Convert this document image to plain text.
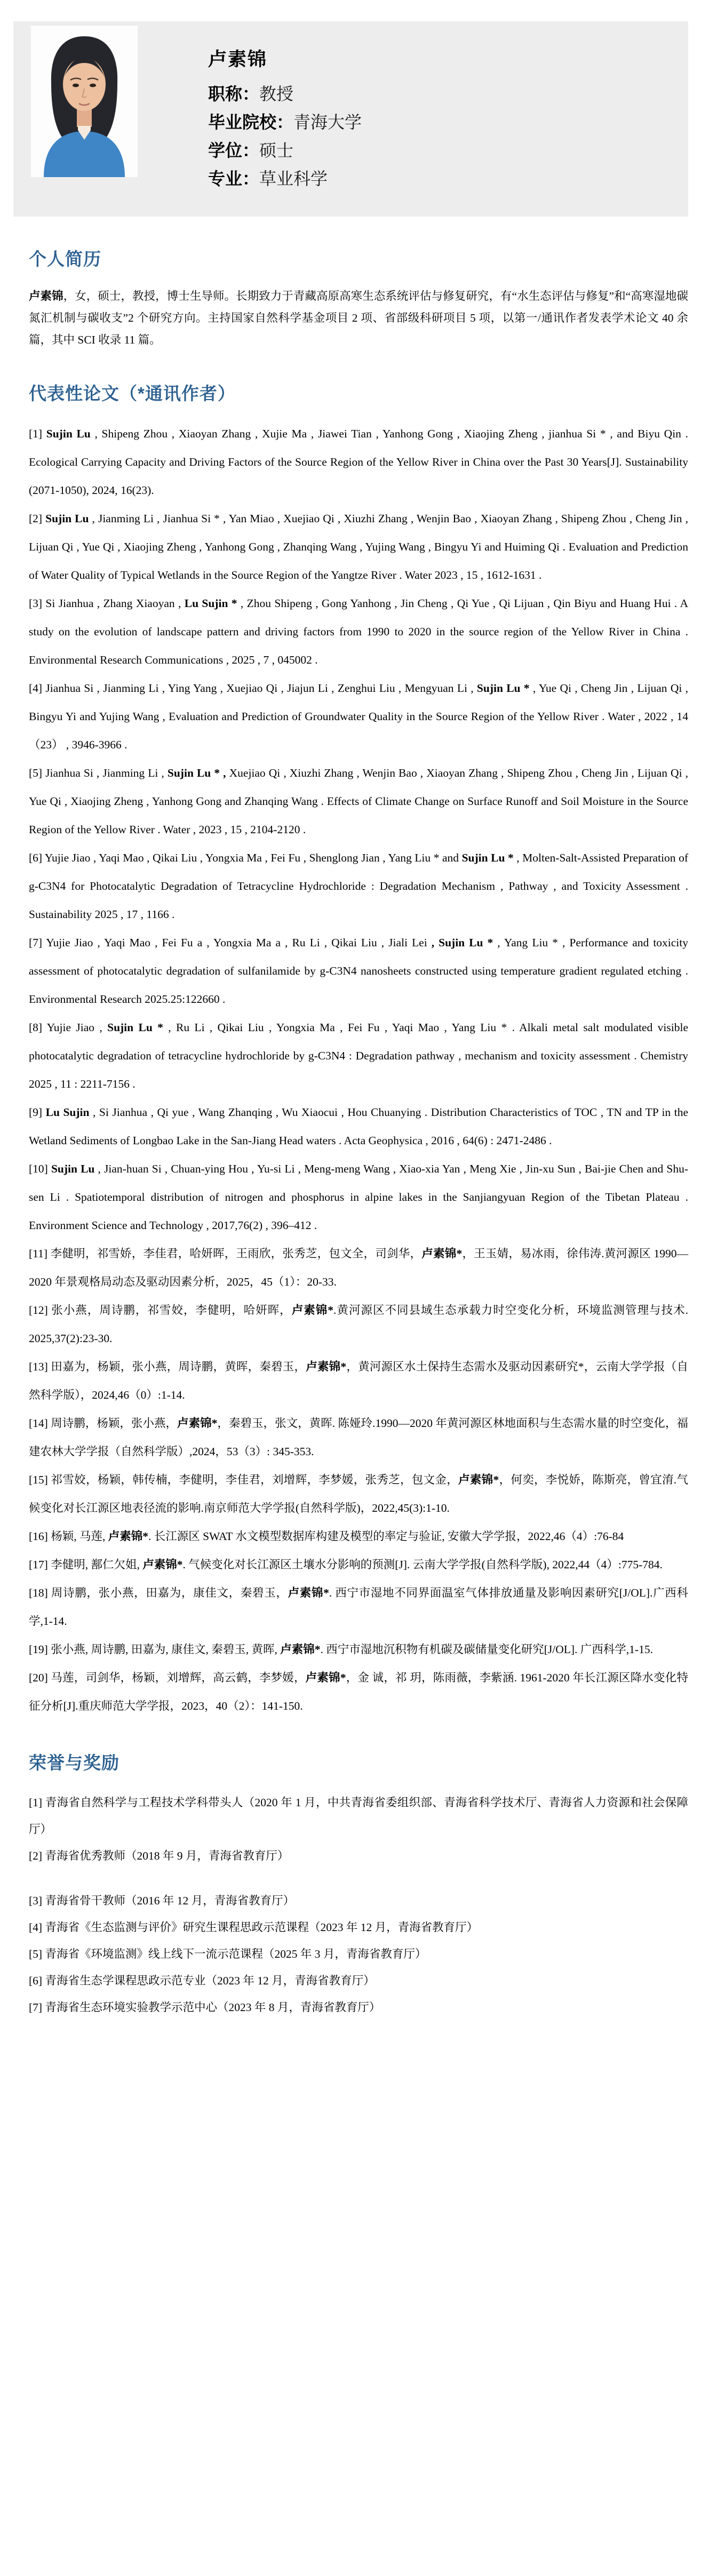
卢素锦
职称：教授
毕业院校：青海大学
学位：硕士
专业：草业科学
个人简历

卢素锦，女，硕士，教授，博士生导师。长期致力于青藏高原高寒生态系统评估与修复研究，有“水生态评估与修复”和“高寒湿地碳氮汇机制与碳收支”2 个研究方向。主持国家自然科学基金项目 2 项、省部级科研项目 5 项，以第一/通讯作者发表学术论文 40 余篇，其中 SCI 收录 11 篇。

代表性论文（*通讯作者）

[1] Sujin Lu , Shipeng Zhou , Xiaoyan Zhang , Xujie Ma , Jiawei Tian , Yanhong Gong , Xiaojing Zheng , jianhua Si * , and Biyu Qin . Ecological Carrying Capacity and Driving Factors of the Source Region of the Yellow River in China over the Past 30 Years[J]. Sustainability (2071-1050), 2024, 16(23).

[2] Sujin Lu , Jianming Li , Jianhua Si * , Yan Miao , Xuejiao Qi , Xiuzhi Zhang , Wenjin Bao , Xiaoyan Zhang , Shipeng Zhou , Cheng Jin , Lijuan Qi , Yue Qi , Xiaojing Zheng , Yanhong Gong , Zhanqing Wang , Yujing Wang , Bingyu Yi and Huiming Qi . Evaluation and Prediction of Water Quality of Typical Wetlands in the Source Region of the Yangtze River . Water 2023 , 15 , 1612-1631 .

[3] Si Jianhua , Zhang Xiaoyan , Lu Sujin * , Zhou Shipeng , Gong Yanhong , Jin Cheng , Qi Yue , Qi Lijuan , Qin Biyu and Huang Hui . A study on the evolution of landscape pattern and driving factors from 1990 to 2020 in the source region of the Yellow River in China . Environmental Research Communications , 2025 , 7 , 045002 .

[4] Jianhua Si , Jianming Li , Ying Yang , Xuejiao Qi , Jiajun Li , Zenghui Liu , Mengyuan Li , Sujin Lu * , Yue Qi , Cheng Jin , Lijuan Qi , Bingyu Yi and Yujing Wang , Evaluation and Prediction of Groundwater Quality in the Source Region of the Yellow River . Water , 2022 , 14 （23） , 3946-3966 .

[5] Jianhua Si , Jianming Li , Sujin Lu * , Xuejiao Qi , Xiuzhi Zhang , Wenjin Bao , Xiaoyan Zhang , Shipeng Zhou , Cheng Jin , Lijuan Qi , Yue Qi , Xiaojing Zheng , Yanhong Gong and Zhanqing Wang . Effects of Climate Change on Surface Runoff and Soil Moisture in the Source Region of the Yellow River . Water , 2023 , 15 , 2104-2120 .

[6] Yujie Jiao , Yaqi Mao , Qikai Liu , Yongxia Ma , Fei Fu , Shenglong Jian , Yang Liu * and Sujin Lu * , Molten-Salt-Assisted Preparation of g-C3N4 for Photocatalytic Degradation of Tetracycline Hydrochloride : Degradation Mechanism , Pathway , and Toxicity Assessment . Sustainability 2025 , 17 , 1166 .

[7] Yujie Jiao , Yaqi Mao , Fei Fu a , Yongxia Ma a , Ru Li , Qikai Liu , Jiali Lei , Sujin Lu * , Yang Liu * , Performance and toxicity assessment of photocatalytic degradation of sulfanilamide by g-C3N4 nanosheets constructed using temperature gradient regulated etching . Environmental Research 2025.25:122660 .

[8] Yujie Jiao , Sujin Lu * , Ru Li , Qikai Liu , Yongxia Ma , Fei Fu , Yaqi Mao , Yang Liu * . Alkali metal salt modulated visible photocatalytic degradation of tetracycline hydrochloride by g-C3N4 : Degradation pathway , mechanism and toxicity assessment . Chemistry 2025 , 11 : 2211-7156 .

[9] Lu Sujin , Si Jianhua , Qi yue , Wang Zhanqing , Wu Xiaocui , Hou Chuanying . Distribution Characteristics of TOC , TN and TP in the Wetland Sediments of Longbao Lake in the San-Jiang Head waters . Acta Geophysica , 2016 , 64(6) : 2471-2486 .

[10] Sujin Lu , Jian-huan Si , Chuan-ying Hou , Yu-si Li , Meng-meng Wang , Xiao-xia Yan , Meng Xie , Jin-xu Sun , Bai-jie Chen and Shu-sen Li . Spatiotemporal distribution of nitrogen and phosphorus in alpine lakes in the Sanjiangyuan Region of the Tibetan Plateau . Environment Science and Technology , 2017,76(2) , 396–412 .

[11] 李健明，祁雪娇，李佳君，哈妍晖，王雨欣，张秀芝，包文全，司剑华，卢素锦*，王玉婧，易冰雨，徐伟涛.黄河源区 1990—2020 年景观格局动态及驱动因素分析，2025，45（1）：20-33.

[12] 张小燕，周诗鹏，祁雪姣，李健明，哈妍晖，卢素锦*.黄河源区不同县域生态承载力时空变化分析，环境监测管理与技术. 2025,37(2):23-30.

[13] 田嘉为，杨颖，张小燕，周诗鹏，黄晖，秦碧玉，卢素锦*，黄河源区水土保持生态需水及驱动因素研究*，云南大学学报（自然科学版），2024,46（0）:1-14.

[14] 周诗鹏，杨颖，张小燕，卢素锦*，秦碧玉，张文，黄晖. 陈娅玲.1990—2020 年黄河源区林地面积与生态需水量的时空变化，福建农林大学学报（自然科学版）,2024，53（3）: 345-353.

[15] 祁雪姣，杨颖，韩传楠，李健明，李佳君，刘增辉，李梦媛，张秀芝，包文金，卢素锦*，何奕，李悦娇，陈斯亮，曾宜淯.气候变化对长江源区地表径流的影响.南京师范大学学报(自然科学版)，2022,45(3):1-10.

[16] 杨颖, 马莲, 卢素锦*. 长江源区 SWAT 水文模型数据库构建及模型的率定与验证, 安徽大学学报，2022,46（4）:76-84

[17] 李健明, 鄯仁欠姐, 卢素锦*. 气候变化对长江源区土壤水分影响的预测[J]. 云南大学学报(自然科学版), 2022,44（4）:775-784.

[18] 周诗鹏，张小燕，田嘉为，康佳文，秦碧玉，卢素锦*. 西宁市湿地不同界面温室气体排放通量及影响因素研究[J/OL].广西科学,1-14.

[19] 张小燕, 周诗鹏, 田嘉为, 康佳文, 秦碧玉, 黄晖, 卢素锦*. 西宁市湿地沉积物有机碳及碳储量变化研究[J/OL]. 广西科学,1-15.

[20] 马莲，司剑华，杨颖，刘增辉，高云鹤，李梦媛，卢素锦*，金 诚，祁 玥，陈雨薇，李紫涵. 1961-2020 年长江源区降水变化特征分析[J].重庆师范大学学报，2023，40（2）：141-150.

荣誉与奖励

[1] 青海省自然科学与工程技术学科带头人（2020 年 1 月，中共青海省委组织部、青海省科学技术厅、青海省人力资源和社会保障厅）

[2] 青海省优秀教师（2018 年 9 月，青海省教育厅）

[3] 青海省骨干教师（2016 年 12 月，青海省教育厅）

[4] 青海省《生态监测与评价》研究生课程思政示范课程（2023 年 12 月，青海省教育厅）

[5] 青海省《环境监测》线上线下一流示范课程（2025 年 3 月，青海省教育厅）

[6] 青海省生态学课程思政示范专业（2023 年 12 月，青海省教育厅）

[7] 青海省生态环境实验教学示范中心（2023 年 8 月，青海省教育厅）
